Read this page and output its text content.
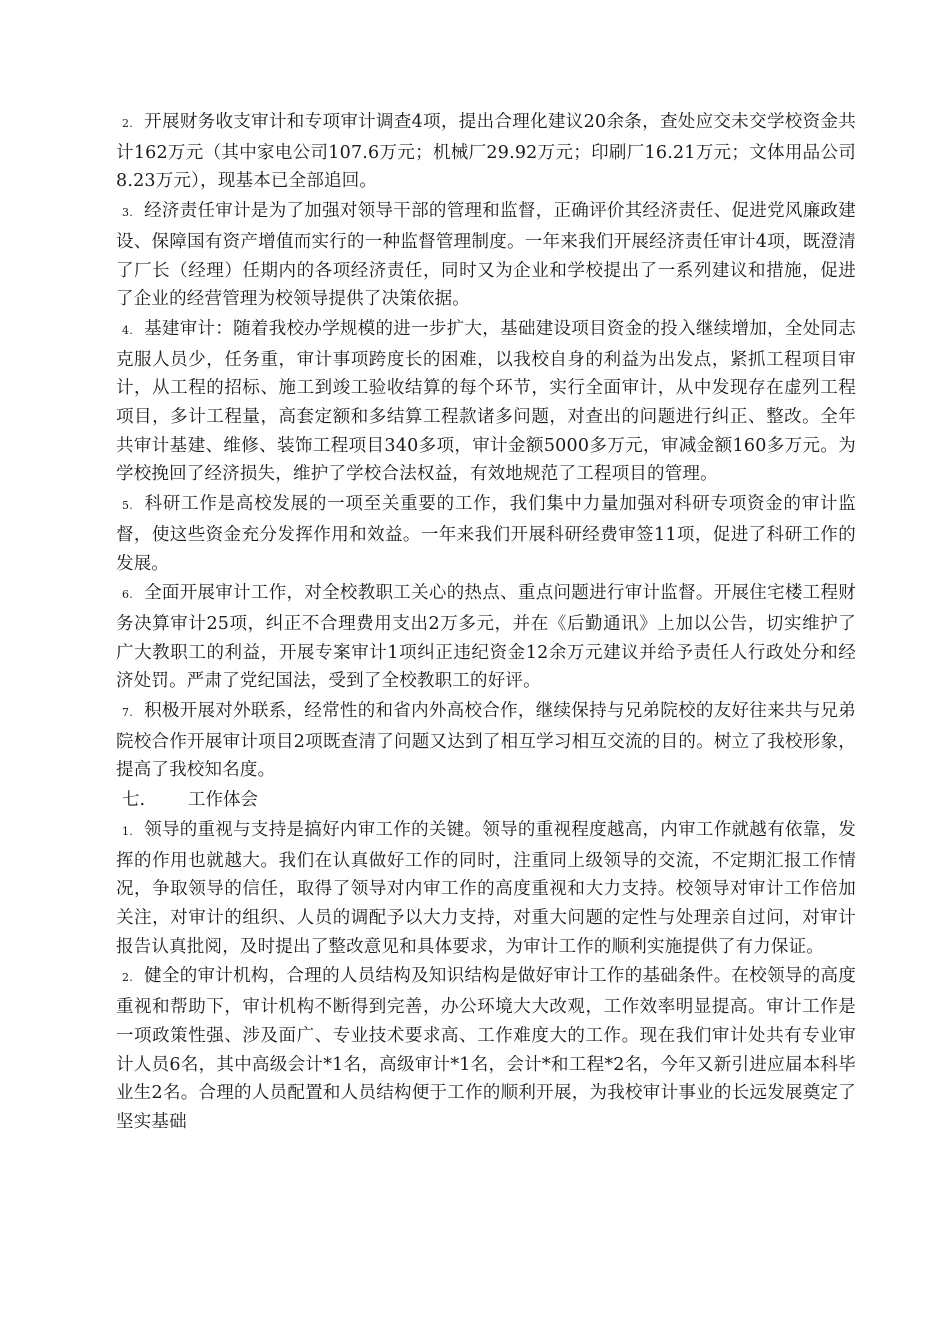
2. 开展财务收支审计和专项审计调查4项，提出合理化建议20余条，查处应交未交学校资金共计162万元（其中家电公司107.6万元；机械厂29.92万元；印刷厂16.21万元；文体用品公司8.23万元），现基本已全部追回。

3. 经济责任审计是为了加强对领导干部的管理和监督，正确评价其经济责任、促进党风廉政建设、保障国有资产增值而实行的一种监督管理制度。一年来我们开展经济责任审计4项，既澄清了厂长（经理）任期内的各项经济责任，同时又为企业和学校提出了一系列建议和措施，促进了企业的经营管理为校领导提供了决策依据。

4. 基建审计：随着我校办学规模的进一步扩大，基础建设项目资金的投入继续增加，全处同志克服人员少，任务重，审计事项跨度长的困难，以我校自身的利益为出发点，紧抓工程项目审计，从工程的招标、施工到竣工验收结算的每个环节，实行全面审计，从中发现存在虚列工程项目，多计工程量，高套定额和多结算工程款诸多问题，对查出的问题进行纠正、整改。全年共审计基建、维修、装饰工程项目340多项，审计金额5000多万元，审减金额160多万元。为学校挽回了经济损失，维护了学校合法权益，有效地规范了工程项目的管理。

5. 科研工作是高校发展的一项至关重要的工作，我们集中力量加强对科研专项资金的审计监督，使这些资金充分发挥作用和效益。一年来我们开展科研经费审签11项，促进了科研工作的发展。

6. 全面开展审计工作，对全校教职工关心的热点、重点问题进行审计监督。开展住宅楼工程财务决算审计25项，纠正不合理费用支出2万多元，并在《后勤通讯》上加以公告，切实维护了广大教职工的利益，开展专案审计1项纠正违纪资金12余万元建议并给予责任人行政处分和经济处罚。严肃了党纪国法，受到了全校教职工的好评。

7. 积极开展对外联系，经常性的和省内外高校合作，继续保持与兄弟院校的友好往来共与兄弟院校合作开展审计项目2项既查清了问题又达到了相互学习相互交流的目的。树立了我校形象，提高了我校知名度。

七. 工作体会

1. 领导的重视与支持是搞好内审工作的关键。领导的重视程度越高，内审工作就越有依靠，发挥的作用也就越大。我们在认真做好工作的同时，注重同上级领导的交流，不定期汇报工作情况，争取领导的信任，取得了领导对内审工作的高度重视和大力支持。校领导对审计工作倍加关注，对审计的组织、人员的调配予以大力支持，对重大问题的定性与处理亲自过问，对审计报告认真批阅，及时提出了整改意见和具体要求，为审计工作的顺利实施提供了有力保证。

2. 健全的审计机构，合理的人员结构及知识结构是做好审计工作的基础条件。在校领导的高度重视和帮助下，审计机构不断得到完善，办公环境大大改观，工作效率明显提高。审计工作是一项政策性强、涉及面广、专业技术要求高、工作难度大的工作。现在我们审计处共有专业审计人员6名，其中高级会计*1名，高级审计*1名，会计*和工程*2名，今年又新引进应届本科毕业生2名。合理的人员配置和人员结构便于工作的顺利开展，为我校审计事业的长远发展奠定了坚实基础
